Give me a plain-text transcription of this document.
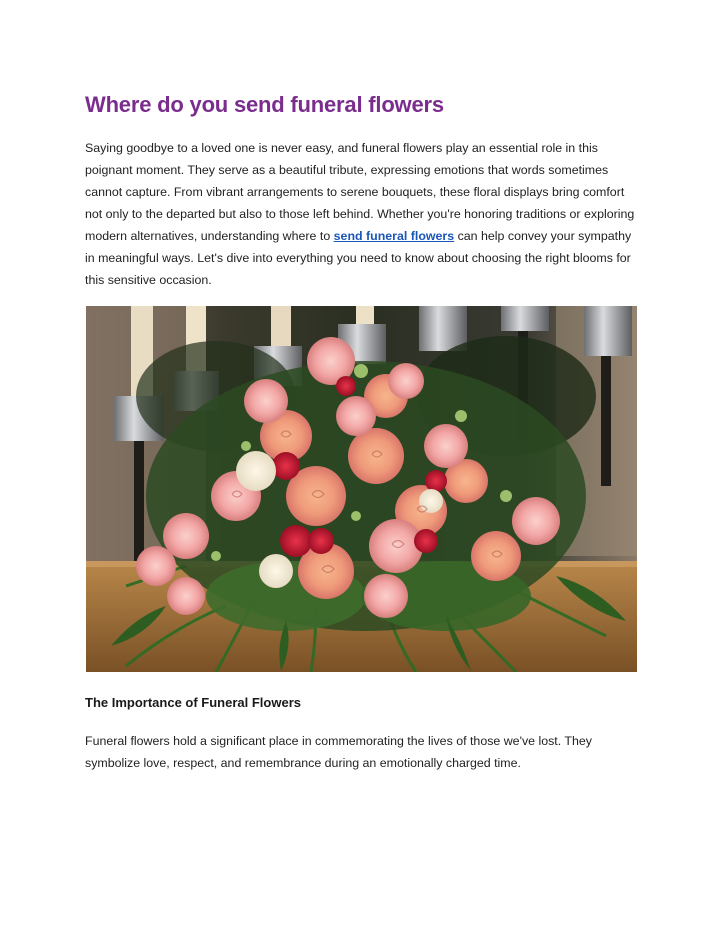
Where do you send funeral flowers

Saying goodbye to a loved one is never easy, and funeral flowers play an essential role in this poignant moment. They serve as a beautiful tribute, expressing emotions that words sometimes cannot capture. From vibrant arrangements to serene bouquets, these floral displays bring comfort not only to the departed but also to those left behind. Whether you're honoring traditions or exploring modern alternatives, understanding where to send funeral flowers can help convey your sympathy in meaningful ways. Let's dive into everything you need to know about choosing the right blooms for this sensitive occasion.

The Importance of Funeral Flowers

Funeral flowers hold a significant place in commemorating the lives of those we've lost. They symbolize love, respect, and remembrance during an emotionally charged time.
